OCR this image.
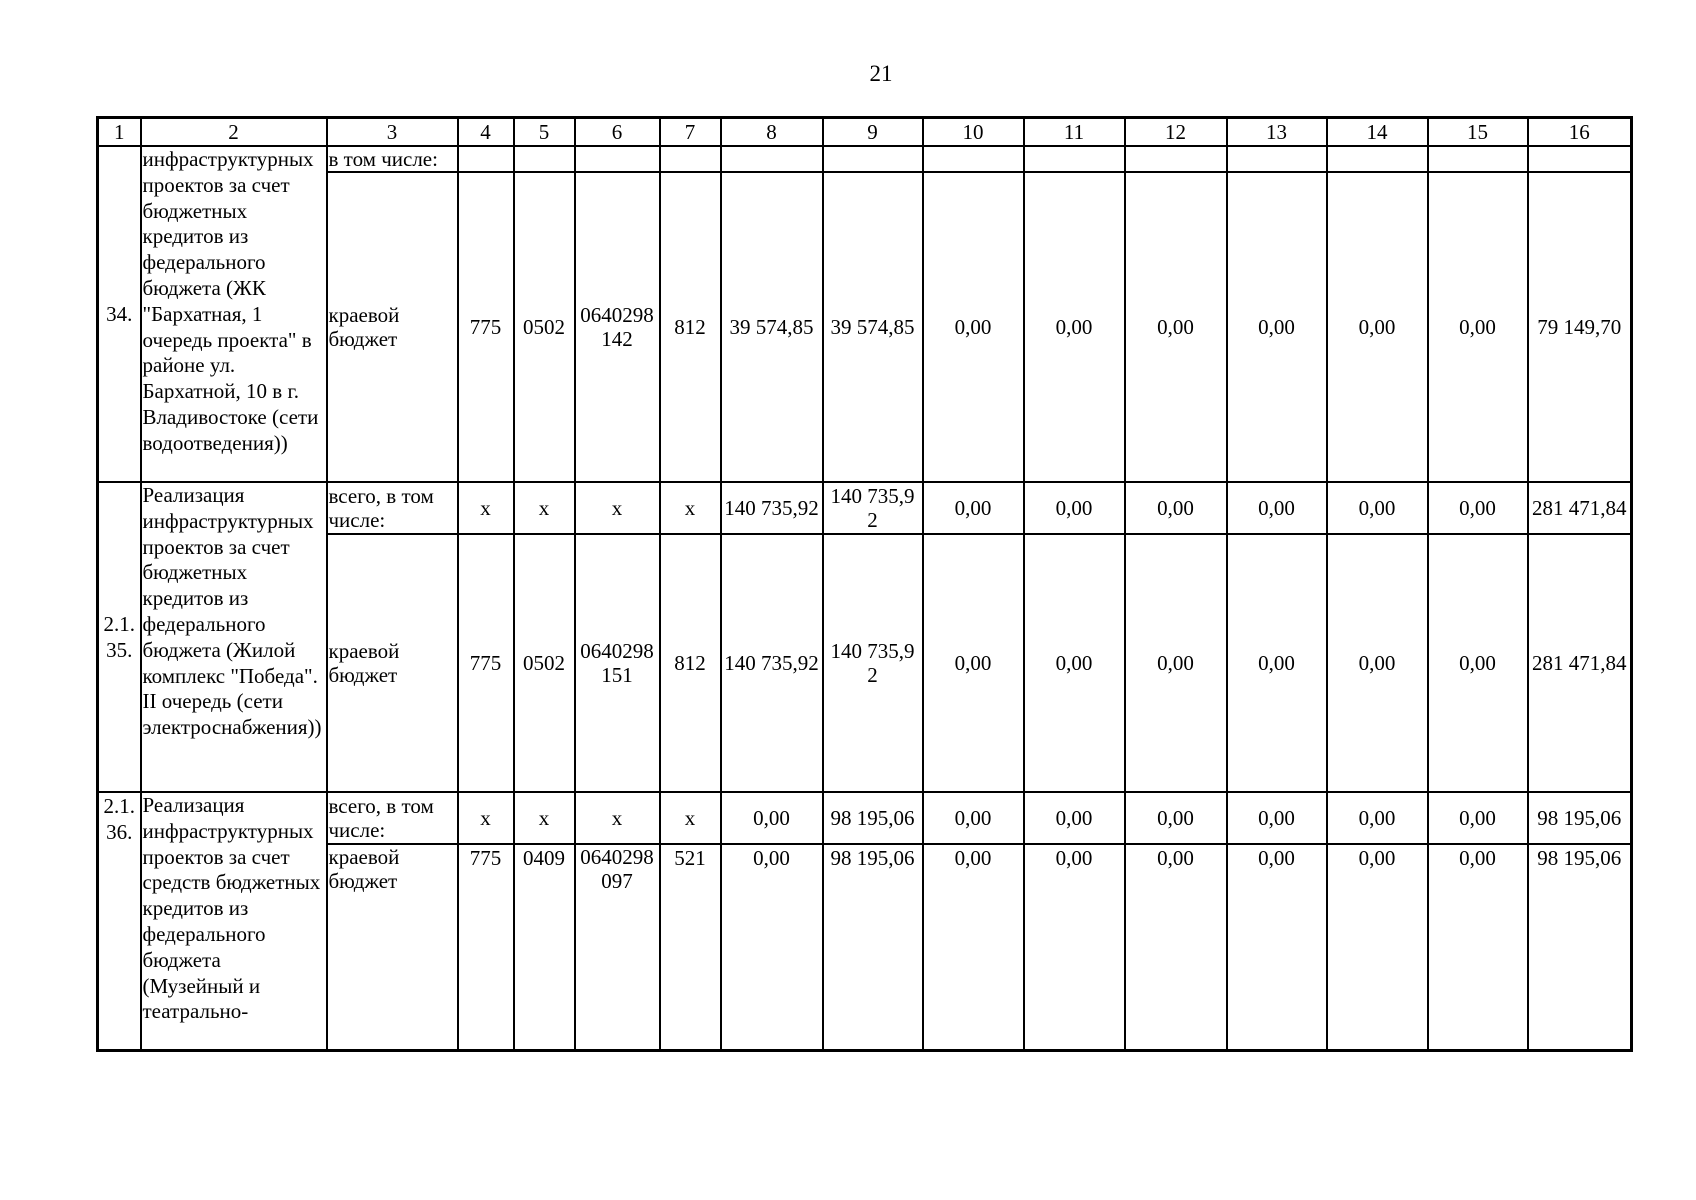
21
1	2	3	4	5	6	7	8	9	10	11	12	13	14	15	16
34.	инфраструктурных проектов за счет бюджетных кредитов из федерального бюджета (ЖК "Бархатная, 1 очередь проекта" в районе ул. Бархатной, 10 в г. Владивостоке (сети водоотведения))	в том числе:													
		краевой бюджет	775	0502	0640298142	812	39 574,85	39 574,85	0,00	0,00	0,00	0,00	0,00	0,00	79 149,70
2.1.35.	Реализация инфраструктурных проектов за счет бюджетных кредитов из федерального бюджета (Жилой комплекс "Победа". II очередь (сети электроснабжения))	всего, в том числе:	x	x	x	x	140 735,92	140 735,92	0,00	0,00	0,00	0,00	0,00	0,00	281 471,84
		краевой бюджет	775	0502	0640298151	812	140 735,92	140 735,92	0,00	0,00	0,00	0,00	0,00	0,00	281 471,84
2.1.36.	Реализация инфраструктурных проектов за счет средств бюджетных кредитов из федерального бюджета (Музейный и театрально-	всего, в том числе:	x	x	x	x	0,00	98 195,06	0,00	0,00	0,00	0,00	0,00	0,00	98 195,06
		краевой бюджет	775	0409	0640298097	521	0,00	98 195,06	0,00	0,00	0,00	0,00	0,00	0,00	98 195,06
